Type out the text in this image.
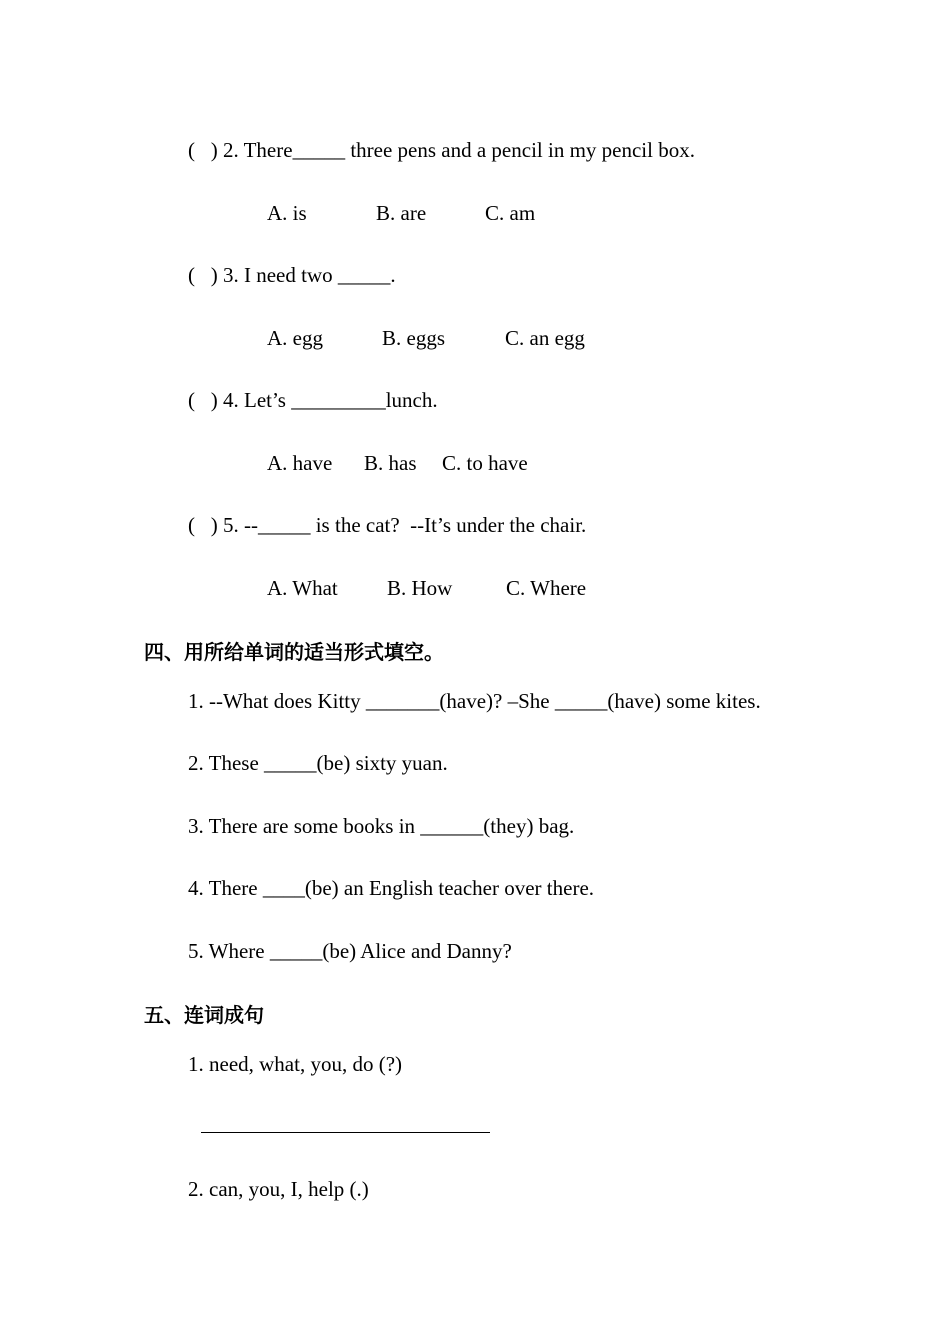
(   ) 2. There_____ three pens and a pencil in my pencil box.
A. is	B. are	C. am
(   ) 3. I need two _____.
A. egg	B. eggs	C. an egg
(   ) 4. Let’s _________lunch.
A. have B. has C. to have
(   ) 5. --_____ is the cat?  --It’s under the chair.
A. What B. How	C. Where
四、用所给单词的适当形式填空。
1. --What does Kitty _______(have)? –She _____(have) some kites.
2. These _____(be) sixty yuan.
3. There are some books in ______(they) bag.
4. There ____(be) an English teacher over there.
5. Where _____(be) Alice and Danny?
五、连词成句
1. need, what, you, do (?)
2. can, you, I, help (.)
